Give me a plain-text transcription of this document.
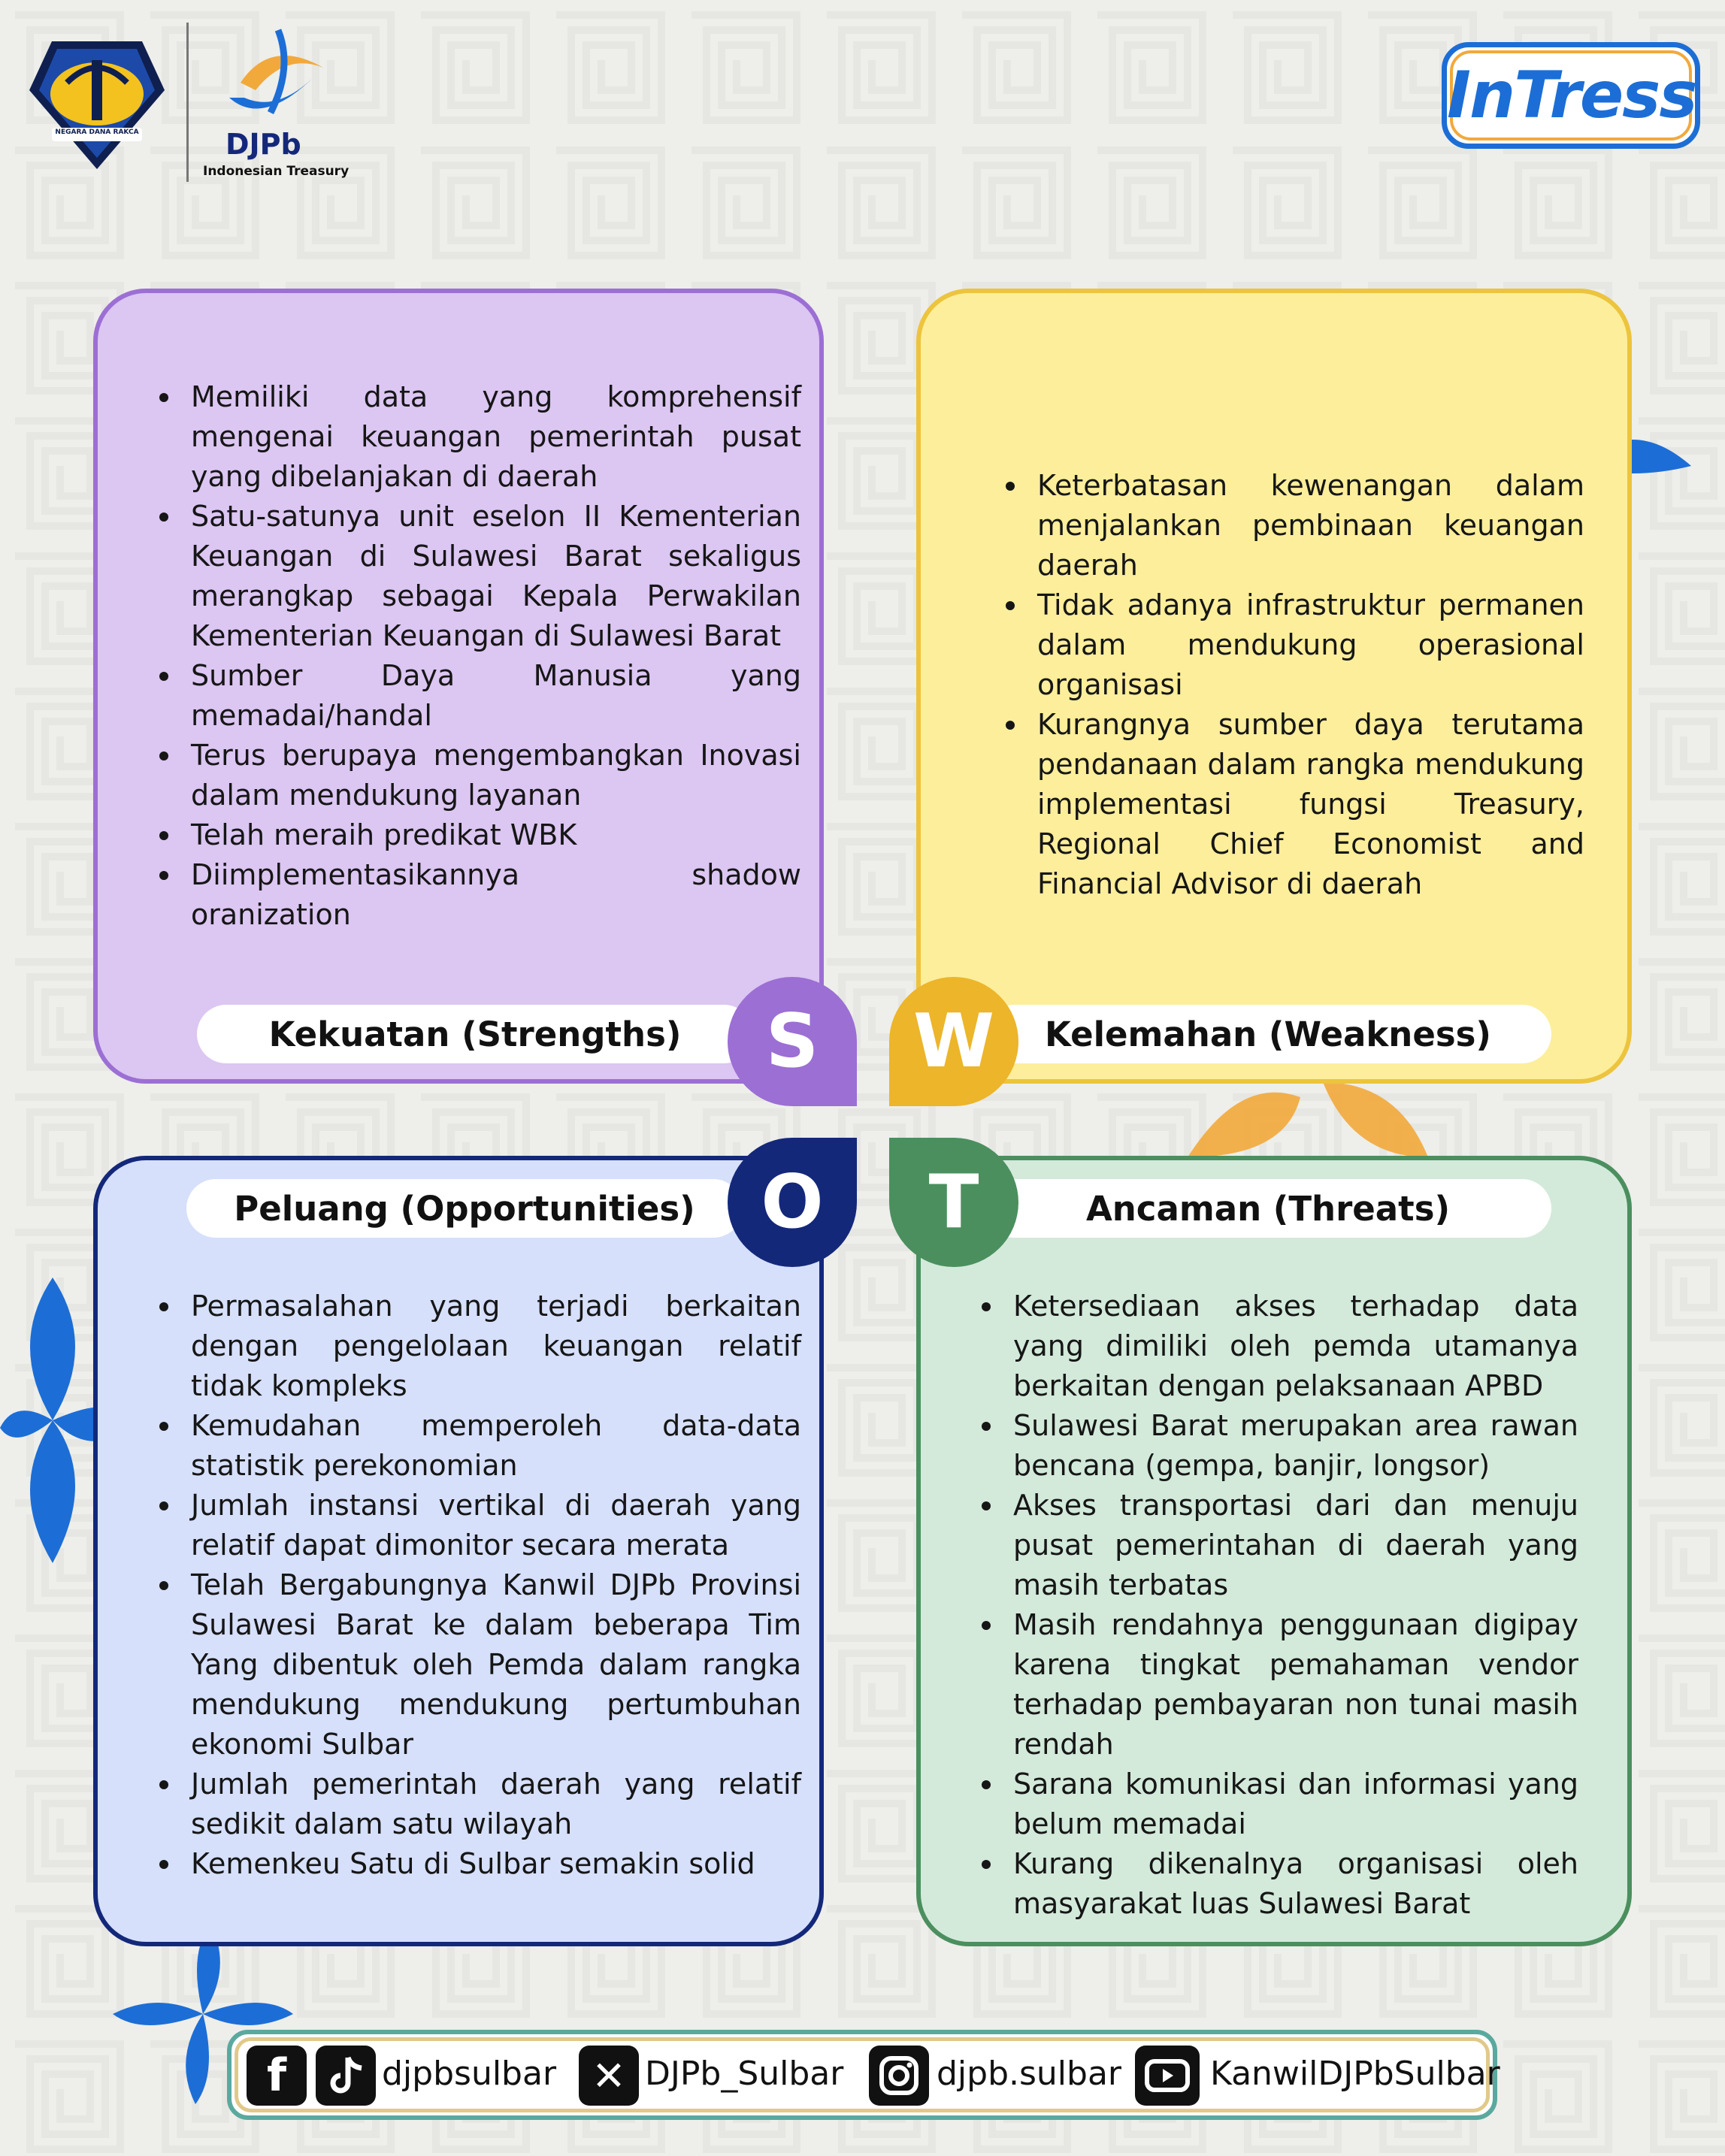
NEGARA DANA RAKCA	DJPb
Indonesian Treasury
InTress
Memiliki data yang komprehensif mengenai keuangan pemerintah pusat yang dibelanjakan di daerah
Satu-satunya unit eselon II Kementerian Keuangan di Sulawesi Barat sekaligus merangkap sebagai Kepala Perwakilan Kementerian Keuangan di Sulawesi Barat
Sumber Daya Manusia yang memadai/handal
Terus berupaya mengembangkan Inovasi dalam mendukung layanan
Telah meraih predikat WBK
Diimplementasikannya shadow oranization
Kekuatan (Strengths)
Keterbatasan kewenangan dalam menjalankan pembinaan keuangan daerah
Tidak adanya infrastruktur permanen dalam mendukung operasional organisasi
Kurangnya sumber daya terutama pendanaan dalam rangka mendukung implementasi fungsi Treasury, Regional Chief Economist and Financial Advisor di daerah
Kelemahan (Weakness)
Permasalahan yang terjadi berkaitan dengan pengelolaan keuangan relatif tidak kompleks
Kemudahan memperoleh data-data statistik perekonomian
Jumlah instansi vertikal di daerah yang relatif dapat dimonitor secara merata
Telah Bergabungnya Kanwil DJPb Provinsi Sulawesi Barat ke dalam beberapa Tim Yang dibentuk oleh Pemda dalam rangka mendukung mendukung pertumbuhan ekonomi Sulbar
Jumlah pemerintah daerah yang relatif sedikit dalam satu wilayah
Kemenkeu Satu di Sulbar semakin solid
Peluang (Opportunities)
Ketersediaan akses terhadap data yang dimiliki oleh pemda utamanya berkaitan dengan pelaksanaan APBD
Sulawesi Barat merupakan area rawan bencana (gempa, banjir, longsor)
Akses transportasi dari dan menuju pusat pemerintahan di daerah yang masih terbatas
Masih rendahnya penggunaan digipay karena tingkat pemahaman vendor terhadap pembayaran non tunai masih rendah
Sarana komunikasi dan informasi yang belum memadai
Kurang dikenalnya organisasi oleh masyarakat luas Sulawesi Barat
Ancaman (Threats)
S	W
O	T
f	djpbsulbar ✕ DJPb_Sulbar	djpb.sulbar	KanwilDJPbSulbar
